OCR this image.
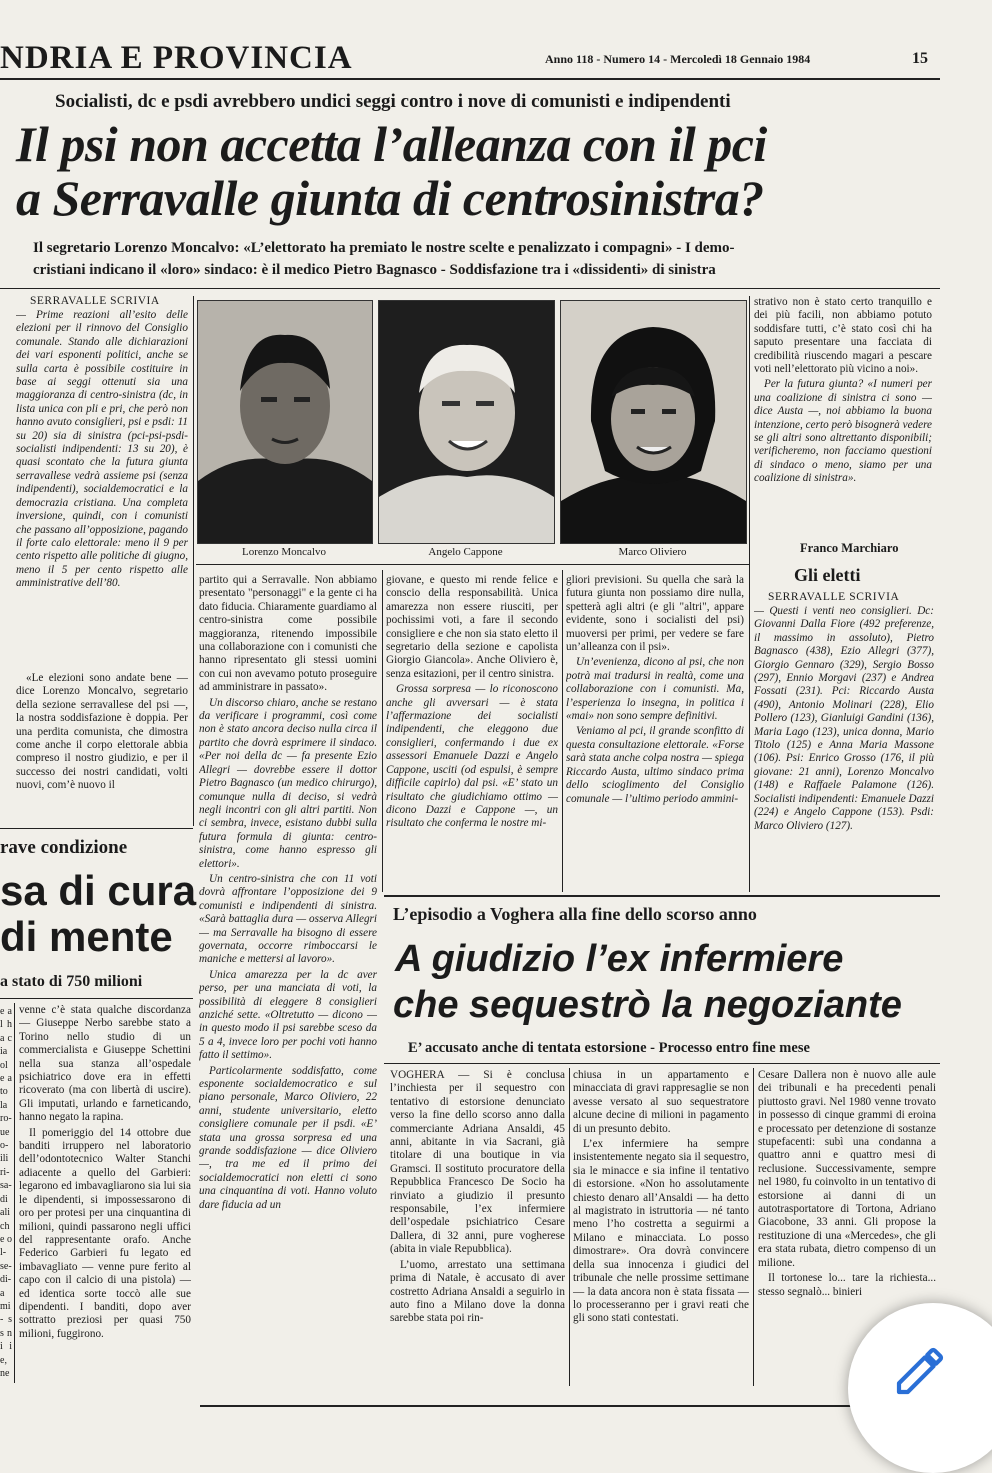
NDRIA E PROVINCIA	Anno 118 - Numero 14 - Mercoledì 18 Gennaio 1984	15
Socialisti, dc e psdi avrebbero undici seggi contro i nove di comunisti e indipendenti
Il psi non accetta l’alleanza con il pci
a Serravalle giunta di centrosinistra?
Il segretario Lorenzo Moncalvo: «L’elettorato ha premiato le nostre scelte e penalizzato i compagni» - I demo-
cristiani indicano il «loro» sindaco: è il medico Pietro Bagnasco - Soddisfazione tra i «dissidenti» di sinistra
SERRAVALLE SCRIVIA
— Prime reazioni all’esito delle elezioni per il rinnovo del Consiglio comunale. Stando alle dichiarazioni dei vari esponenti politici, anche se sulla carta è possibile costituire in base ai seggi ottenuti sia una maggioranza di centro-sinistra (dc, in lista unica con pli e pri, che però non hanno avuto consiglieri, psi e psdi: 11 su 20) sia di sinistra (pci-psi-psdi-socialisti indipendenti: 13 su 20), è quasi scontato che la futura giunta serravallese vedrà assieme psi (senza indipendenti), socialdemocratici e la democrazia cristiana. Una completa inversione, quindi, con i comunisti che passano all’opposizione, pagando il forte calo elettorale: meno il 9 per cento rispetto alle politiche di giugno, meno il 5 per cento rispetto alle amministrative dell’80.

«Le elezioni sono andate bene — dice Lorenzo Moncalvo, segretario della sezione serravallese del psi —, la nostra soddisfazione è doppia. Per una perdita comunista, che dimostra come anche il corpo elettorale abbia compreso il nostro giudizio, e per il successo dei nostri candidati, volti nuovi, com’è nuovo il

Lorenzo Moncalvo	Angelo Cappone	Marco Oliviero

partito qui a Serravalle. Non abbiamo presentato "personaggi" e la gente ci ha dato fiducia. Chiaramente guardiamo al centro-sinistra come possibile maggioranza, ritenendo impossibile una collaborazione con i comunisti che hanno ripresentato gli stessi uomini con cui non avevamo potuto proseguire ad amministrare in passato».

Un discorso chiaro, anche se restano da verificare i programmi, così come non è stato ancora deciso nulla circa il partito che dovrà esprimere il sindaco. «Per noi della dc — fa presente Ezio Allegri — dovrebbe essere il dottor Pietro Bagnasco (un medico chirurgo), comunque nulla di deciso, si vedrà negli incontri con gli altri partiti. Non ci sembra, invece, esistano dubbi sulla futura formula di giunta: centro-sinistra, come hanno espresso gli elettori».

Un centro-sinistra che con 11 voti dovrà affrontare l’opposizione dei 9 comunisti e indipendenti di sinistra. «Sarà battaglia dura — osserva Allegri — ma Serravalle ha bisogno di essere governata, occorre rimboccarsi le maniche e mettersi al lavoro».

Unica amarezza per la dc aver perso, per una manciata di voti, la possibilità di eleggere 8 consiglieri anziché sette. «Oltretutto — dicono — in questo modo il psi sarebbe sceso da 5 a 4, invece loro per pochi voti hanno fatto il settimo».

Particolarmente soddisfatto, come esponente socialdemocratico e sul piano personale, Marco Oliviero, 22 anni, studente universitario, eletto consigliere comunale per il psdi. «E’ stata una grossa sorpresa ed una grande soddisfazione — dice Oliviero —, tra me ed il primo dei socialdemocratici non eletti ci sono una cinquantina di voti. Hanno voluto dare fiducia ad un

giovane, e questo mi rende felice e conscio della responsabilità. Unica amarezza non essere riusciti, per pochissimi voti, a fare il secondo consigliere e che non sia stato eletto il segretario della sezione e capolista Giorgio Giancola». Anche Oliviero è, senza esitazioni, per il centro sinistra.

Grossa sorpresa — lo riconoscono anche gli avversari — è stata l’affermazione dei socialisti indipendenti, che eleggono due consiglieri, confermando i due ex assessori Emanuele Dazzi e Angelo Cappone, usciti (od espulsi, è sempre difficile capirlo) dal psi. «E’ stato un risultato che giudichiamo ottimo — dicono Dazzi e Cappone —, un risultato che conferma le nostre mi-

gliori previsioni. Su quella che sarà la futura giunta non possiamo dire nulla, spetterà agli altri (e gli "altri", appare evidente, sono i socialisti del psi) muoversi per primi, per vedere se fare un’alleanza con il psi».

Un’evenienza, dicono al psi, che non potrà mai tradursi in realtà, come una collaborazione con i comunisti. Ma, l’esperienza lo insegna, in politica i «mai» non sono sempre definitivi.

Veniamo al pci, il grande sconfitto di questa consultazione elettorale. «Forse sarà stata anche colpa nostra — spiega Riccardo Austa, ultimo sindaco prima dello scioglimento del Consiglio comunale — l’ultimo periodo ammini-

strativo non è stato certo tranquillo e dei più facili, non abbiamo potuto soddisfare tutti, c’è stato così chi ha saputo presentare una facciata di credibilità riuscendo magari a pescare voti nell’elettorato più vicino a noi».

Per la futura giunta? «I numeri per una coalizione di sinistra ci sono — dice Austa —, noi abbiamo la buona intenzione, certo però bisognerà vedere se gli altri sono altrettanto disponibili; verificheremo, non facciamo questioni di sindaco o meno, siamo per una coalizione di sinistra».

Franco Marchiaro
Gli eletti
SERRAVALLE SCRIVIA
— Questi i venti neo consiglieri. Dc: Giovanni Dalla Fiore (492 preferenze, il massimo in assoluto), Pietro Bagnasco (438), Ezio Allegri (377), Giorgio Gennaro (329), Sergio Bosso (297), Ennio Morgavi (237) e Andrea Fossati (231). Pci: Riccardo Austa (490), Antonio Molinari (228), Elio Pollero (123), Gianluigi Gandini (136), Maria Lago (123), unica donna, Mario Titolo (125) e Anna Maria Massone (106). Psi: Enrico Grosso (176, il più giovane: 21 anni), Lorenzo Moncalvo (148) e Raffaele Palamone (126). Socialisti indipendenti: Emanuele Dazzi (224) e Angelo Cappone (153). Psdi: Marco Oliviero (127).
rave condizione
sa di cura
di mente
a stato di 750 milioni
e al ha cia ole ato la ro- ue o- ili ri- sa- di ali che ol- se- di- a mi- ss ni ie, ne

venne c’è stata qualche discordanza — Giuseppe Nerbo sarebbe stato a Torino nello studio di un commercialista e Giuseppe Schettini nella sua stanza all’ospedale psichiatrico dove era in effetti ricoverato (ma con libertà di uscire). Gli imputati, urlando e farneticando, hanno negato la rapina.

Il pomeriggio del 14 ottobre due banditi irruppero nel laboratorio dell’odontotecnico Walter Stanchi adiacente a quello del Garbieri: legarono ed imbavagliarono sia lui sia le dipendenti, si impossessarono di oro per protesi per una cinquantina di milioni, quindi passarono negli uffici del rappresentante orafo. Anche Federico Garbieri fu legato ed imbavagliato — venne pure ferito al capo con il calcio di una pistola) — ed identica sorte toccò alle sue dipendenti. I banditi, dopo aver sottratto preziosi per quasi 750 milioni, fuggirono.

L’episodio a Voghera alla fine dello scorso anno
A giudizio l’ex infermiere
che sequestrò la negoziante
E’ accusato anche di tentata estorsione - Processo entro fine mese

VOGHERA — Si è conclusa l’inchiesta per il sequestro con tentativo di estorsione denunciato verso la fine dello scorso anno dalla commerciante Adriana Ansaldi, 45 anni, abitante in via Sacrani, già titolare di una boutique in via Gramsci. Il sostituto procuratore della Repubblica Francesco De Socio ha rinviato a giudizio il presunto responsabile, l’ex infermiere dell’ospedale psichiatrico Cesare Dallera, di 32 anni, pure vogherese (abita in viale Repubblica).

L’uomo, arrestato una settimana prima di Natale, è accusato di aver costretto Adriana Ansaldi a seguirlo in auto fino a Milano dove la donna sarebbe stata poi rin-

chiusa in un appartamento e minacciata di gravi rappresaglie se non avesse versato al suo sequestratore alcune decine di milioni in pagamento di un presunto debito.

L’ex infermiere ha sempre insistentemente negato sia il sequestro, sia le minacce e sia infine il tentativo di estorsione. «Non ho assolutamente chiesto denaro all’Ansaldi — ha detto al magistrato in istruttoria — né tanto meno l’ho costretta a seguirmi a Milano e minacciata. Lo posso dimostrare». Ora dovrà convincere della sua innocenza i giudici del tribunale che nelle prossime settimane — la data ancora non è stata fissata — lo processeranno per i gravi reati che gli sono stati contestati.

Cesare Dallera non è nuovo alle aule dei tribunali e ha precedenti penali piuttosto gravi. Nel 1980 venne trovato in possesso di cinque grammi di eroina e processato per detenzione di sostanze stupefacenti: subì una condanna a quattro anni e quattro mesi di reclusione. Successivamente, sempre nel 1980, fu coinvolto in un tentativo di estorsione ai danni di un autotrasportatore di Tortona, Adriano Giacobone, 33 anni. Gli propose la restituzione di una «Mercedes», che gli era stata rubata, dietro compenso di un milione.

Il tortonese lo... tare la richiesta... stesso segnalò... binieri
